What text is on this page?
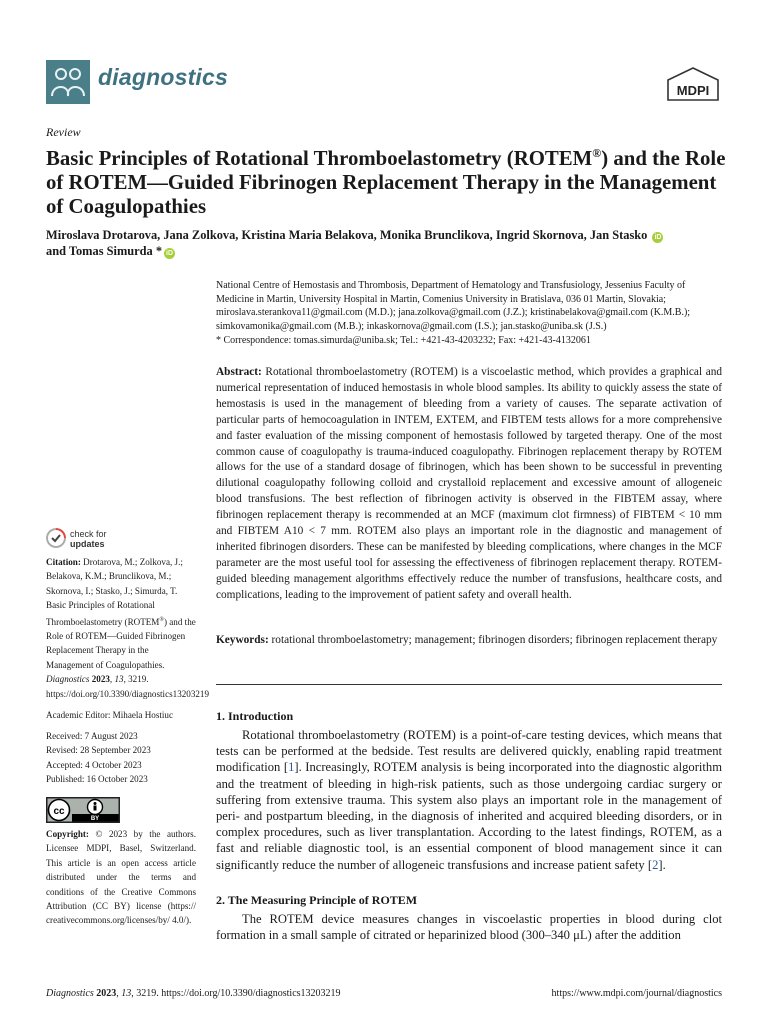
diagnostics
MDPI
Review
Basic Principles of Rotational Thromboelastometry (ROTEM®) and the Role of ROTEM—Guided Fibrinogen Replacement Therapy in the Management of Coagulopathies
Miroslava Drotarova, Jana Zolkova, Kristina Maria Belakova, Monika Brunclikova, Ingrid Skornova, Jan Stasko iD
and Tomas Simurda * iD
National Centre of Hemostasis and Thrombosis, Department of Hematology and Transfusiology, Jessenius Faculty of Medicine in Martin, University Hospital in Martin, Comenius University in Bratislava, 036 01 Martin, Slovakia; miroslava.sterankova11@gmail.com (M.D.); jana.zolkova@gmail.com (J.Z.); kristinabelakova@gmail.com (K.M.B.); simkovamonika@gmail.com (M.B.); inkaskornova@gmail.com (I.S.); jan.stasko@uniba.sk (J.S.)
* Correspondence: tomas.simurda@uniba.sk; Tel.: +421-43-4203232; Fax: +421-43-4132061
Abstract: Rotational thromboelastometry (ROTEM) is a viscoelastic method, which provides a graphical and numerical representation of induced hemostasis in whole blood samples. Its ability to quickly assess the state of hemostasis is used in the management of bleeding from a variety of causes. The separate activation of particular parts of hemocoagulation in INTEM, EXTEM, and FIBTEM tests allows for a more comprehensive and faster evaluation of the missing component of hemostasis followed by targeted therapy. One of the most common cause of coagulopathy is trauma-induced coagulopathy. Fibrinogen replacement therapy by ROTEM allows for the use of a standard dosage of fibrinogen, which has been shown to be successful in preventing dilutional coagulopathy following colloid and crystalloid replacement and excessive amount of allogeneic blood transfusions. The best reflection of fibrinogen activity is observed in the FIBTEM assay, where fibrinogen replacement therapy is recommended at an MCF (maximum clot firmness) of FIBTEM < 10 mm and FIBTEM A10 < 7 mm. ROTEM also plays an important role in the diagnostic and management of inherited fibrinogen disorders. These can be manifested by bleeding complications, where changes in the MCF parameter are the most useful tool for assessing the effectiveness of fibrinogen replacement therapy. ROTEM-guided bleeding management algorithms effectively reduce the number of transfusions, healthcare costs, and complications, leading to the improvement of patient safety and overall health.
Keywords: rotational thromboelastometry; management; fibrinogen disorders; fibrinogen replacement therapy
check for
updates
Citation: Drotarova, M.; Zolkova, J.; Belakova, K.M.; Brunclikova, M.; Skornova, I.; Stasko, J.; Simurda, T. Basic Principles of Rotational Thromboelastometry (ROTEM®) and the Role of ROTEM—Guided Fibrinogen Replacement Therapy in the Management of Coagulopathies. Diagnostics 2023, 13, 3219. https://doi.org/10.3390/diagnostics13203219
Academic Editor: Mihaela Hostiuc
Received: 7 August 2023
Revised: 28 September 2023
Accepted: 4 October 2023
Published: 16 October 2023
cc
BY
Copyright: © 2023 by the authors. Licensee MDPI, Basel, Switzerland. This article is an open access article distributed under the terms and conditions of the Creative Commons Attribution (CC BY) license (https:// creativecommons.org/licenses/by/ 4.0/).
1. Introduction
Rotational thromboelastometry (ROTEM) is a point-of-care testing devices, which means that tests can be performed at the bedside. Test results are delivered quickly, enabling rapid treatment modification [1]. Increasingly, ROTEM analysis is being incorporated into the diagnostic algorithm and the treatment of bleeding in high-risk patients, such as those undergoing cardiac surgery or suffering from extensive trauma. This system also plays an important role in the management of peri- and postpartum bleeding, in the diagnosis of inherited and acquired bleeding disorders, or in complex procedures, such as liver transplantation. According to the latest findings, ROTEM, as a fast and reliable diagnostic tool, is an essential component of blood management since it can significantly reduce the number of allogeneic transfusions and increase patient safety [2].
2. The Measuring Principle of ROTEM
The ROTEM device measures changes in viscoelastic properties in blood during clot formation in a small sample of citrated or heparinized blood (300–340 μL) after the addition
Diagnostics 2023, 13, 3219. https://doi.org/10.3390/diagnostics13203219	https://www.mdpi.com/journal/diagnostics
